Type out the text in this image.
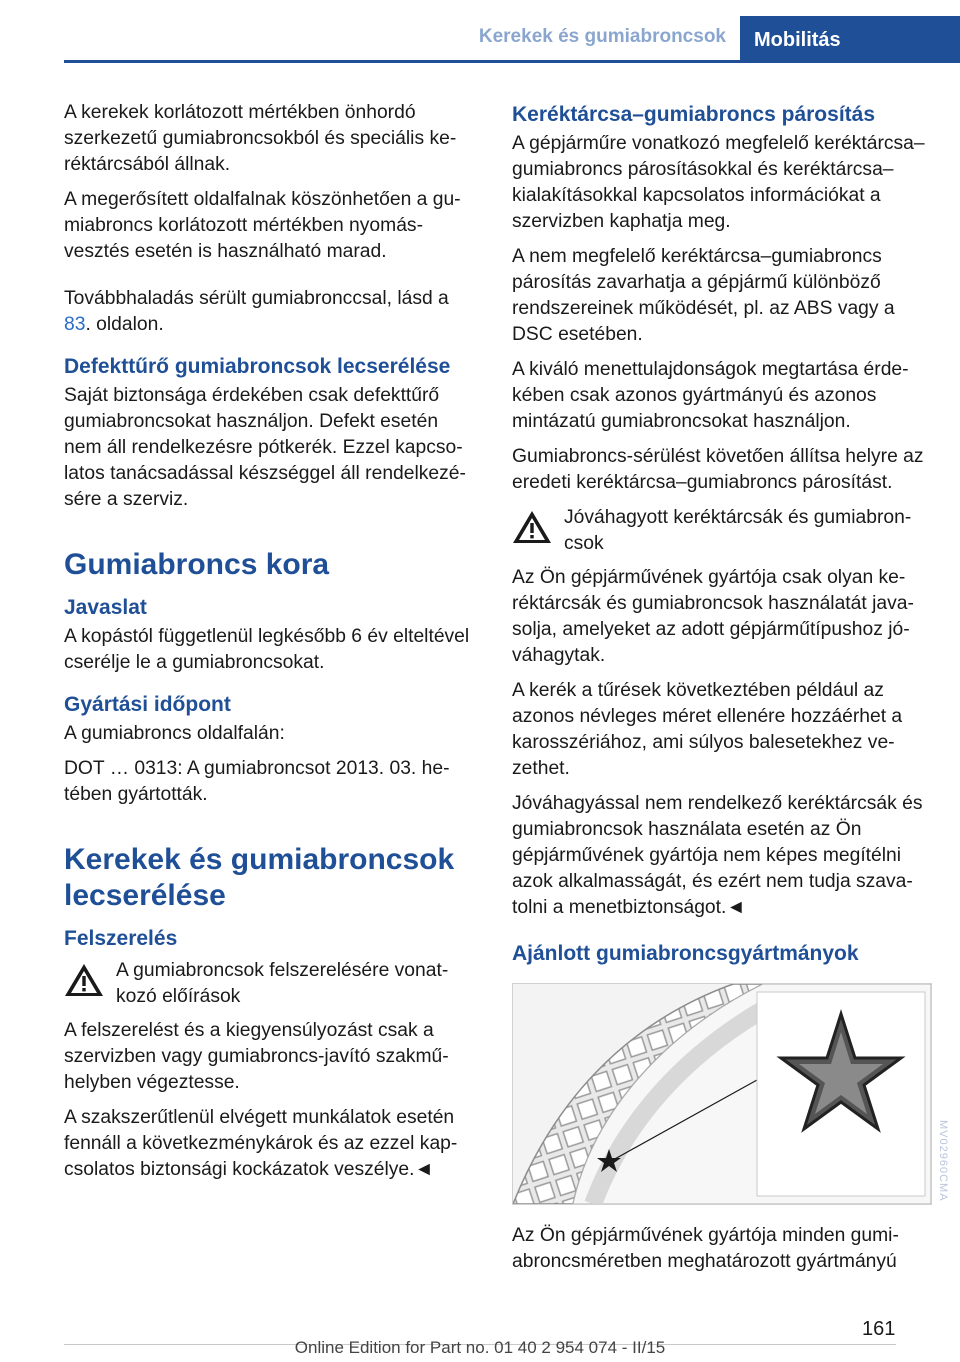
Kerekek és gumiabroncsok	Mobilitás

A kerekek korlátozott mértékben önhordó szerkezetű gumiabroncsokból és speciális keréktárcsából állnak.

A megerősített oldalfalnak köszönhetően a gumiabroncs korlátozott mértékben nyomásvesztés esetén is használható marad.

Továbbhaladás sérült gumiabronccsal, lásd a 83. oldalon.

Defekttűrő gumiabroncsok lecserélése

Saját biztonsága érdekében csak defekttűrő gumiabroncsokat használjon. Defekt esetén nem áll rendelkezésre pótkerék. Ezzel kapcsolatos tanácsadással készséggel áll rendelkezésére a szerviz.

Gumiabroncs kora
Javaslat

A kopástól függetlenül legkésőbb 6 év elteltével cserélje le a gumiabroncsokat.

Gyártási időpont

A gumiabroncs oldalfalán:

DOT … 0313: A gumiabroncsot 2013. 03. hetében gyártották.

Kerekek és gumiabroncsok lecserélése
Felszerelés

A gumiabroncsok felszerelésére vonatkozó előírások

A felszerelést és a kiegyensúlyozást csak a szervizben vagy gumiabroncs-javító szakműhelyben végeztesse.

A szakszerűtlenül elvégett munkálatok esetén fennáll a következménykárok és az ezzel kapcsolatos biztonsági kockázatok veszélye.◄

Keréktárcsa–gumiabroncs párosítás

A gépjárműre vonatkozó megfelelő keréktárcsa–gumiabroncs párosításokkal és keréktárcsa–kialakításokkal kapcsolatos információkat a szervizben kaphatja meg.

A nem megfelelő keréktárcsa–gumiabroncs párosítás zavarhatja a gépjármű különböző rendszereinek működését, pl. az ABS vagy a DSC esetében.

A kiváló menettulajdonságok megtartása érdekében csak azonos gyártmányú és azonos mintázatú gumiabroncsokat használjon.

Gumiabroncs-sérülést követően állítsa helyre az eredeti keréktárcsa–gumiabroncs párosítást.

Jóváhagyott keréktárcsák és gumiabroncsok

Az Ön gépjárművének gyártója csak olyan keréktárcsák és gumiabroncsok használatát javasolja, amelyeket az adott gépjárműtípushoz jóváhagytak.

A kerék a tűrések következtében például az azonos névleges méret ellenére hozzáérhet a karosszériához, ami súlyos balesetekhez vezethet.

Jóváhagyással nem rendelkező keréktárcsák és gumiabroncsok használata esetén az Ön gépjárművének gyártója nem képes megítélni azok alkalmasságát, és ezért nem tudja szavatolni a menetbiztonságot.◄

Ajánlott gumiabroncsgyártmányok

Az Ön gépjárművének gyártója minden gumiabroncsméretben meghatározott gyártmányú

MV02960CMA
161
Online Edition for Part no. 01 40 2 954 074 - II/15
